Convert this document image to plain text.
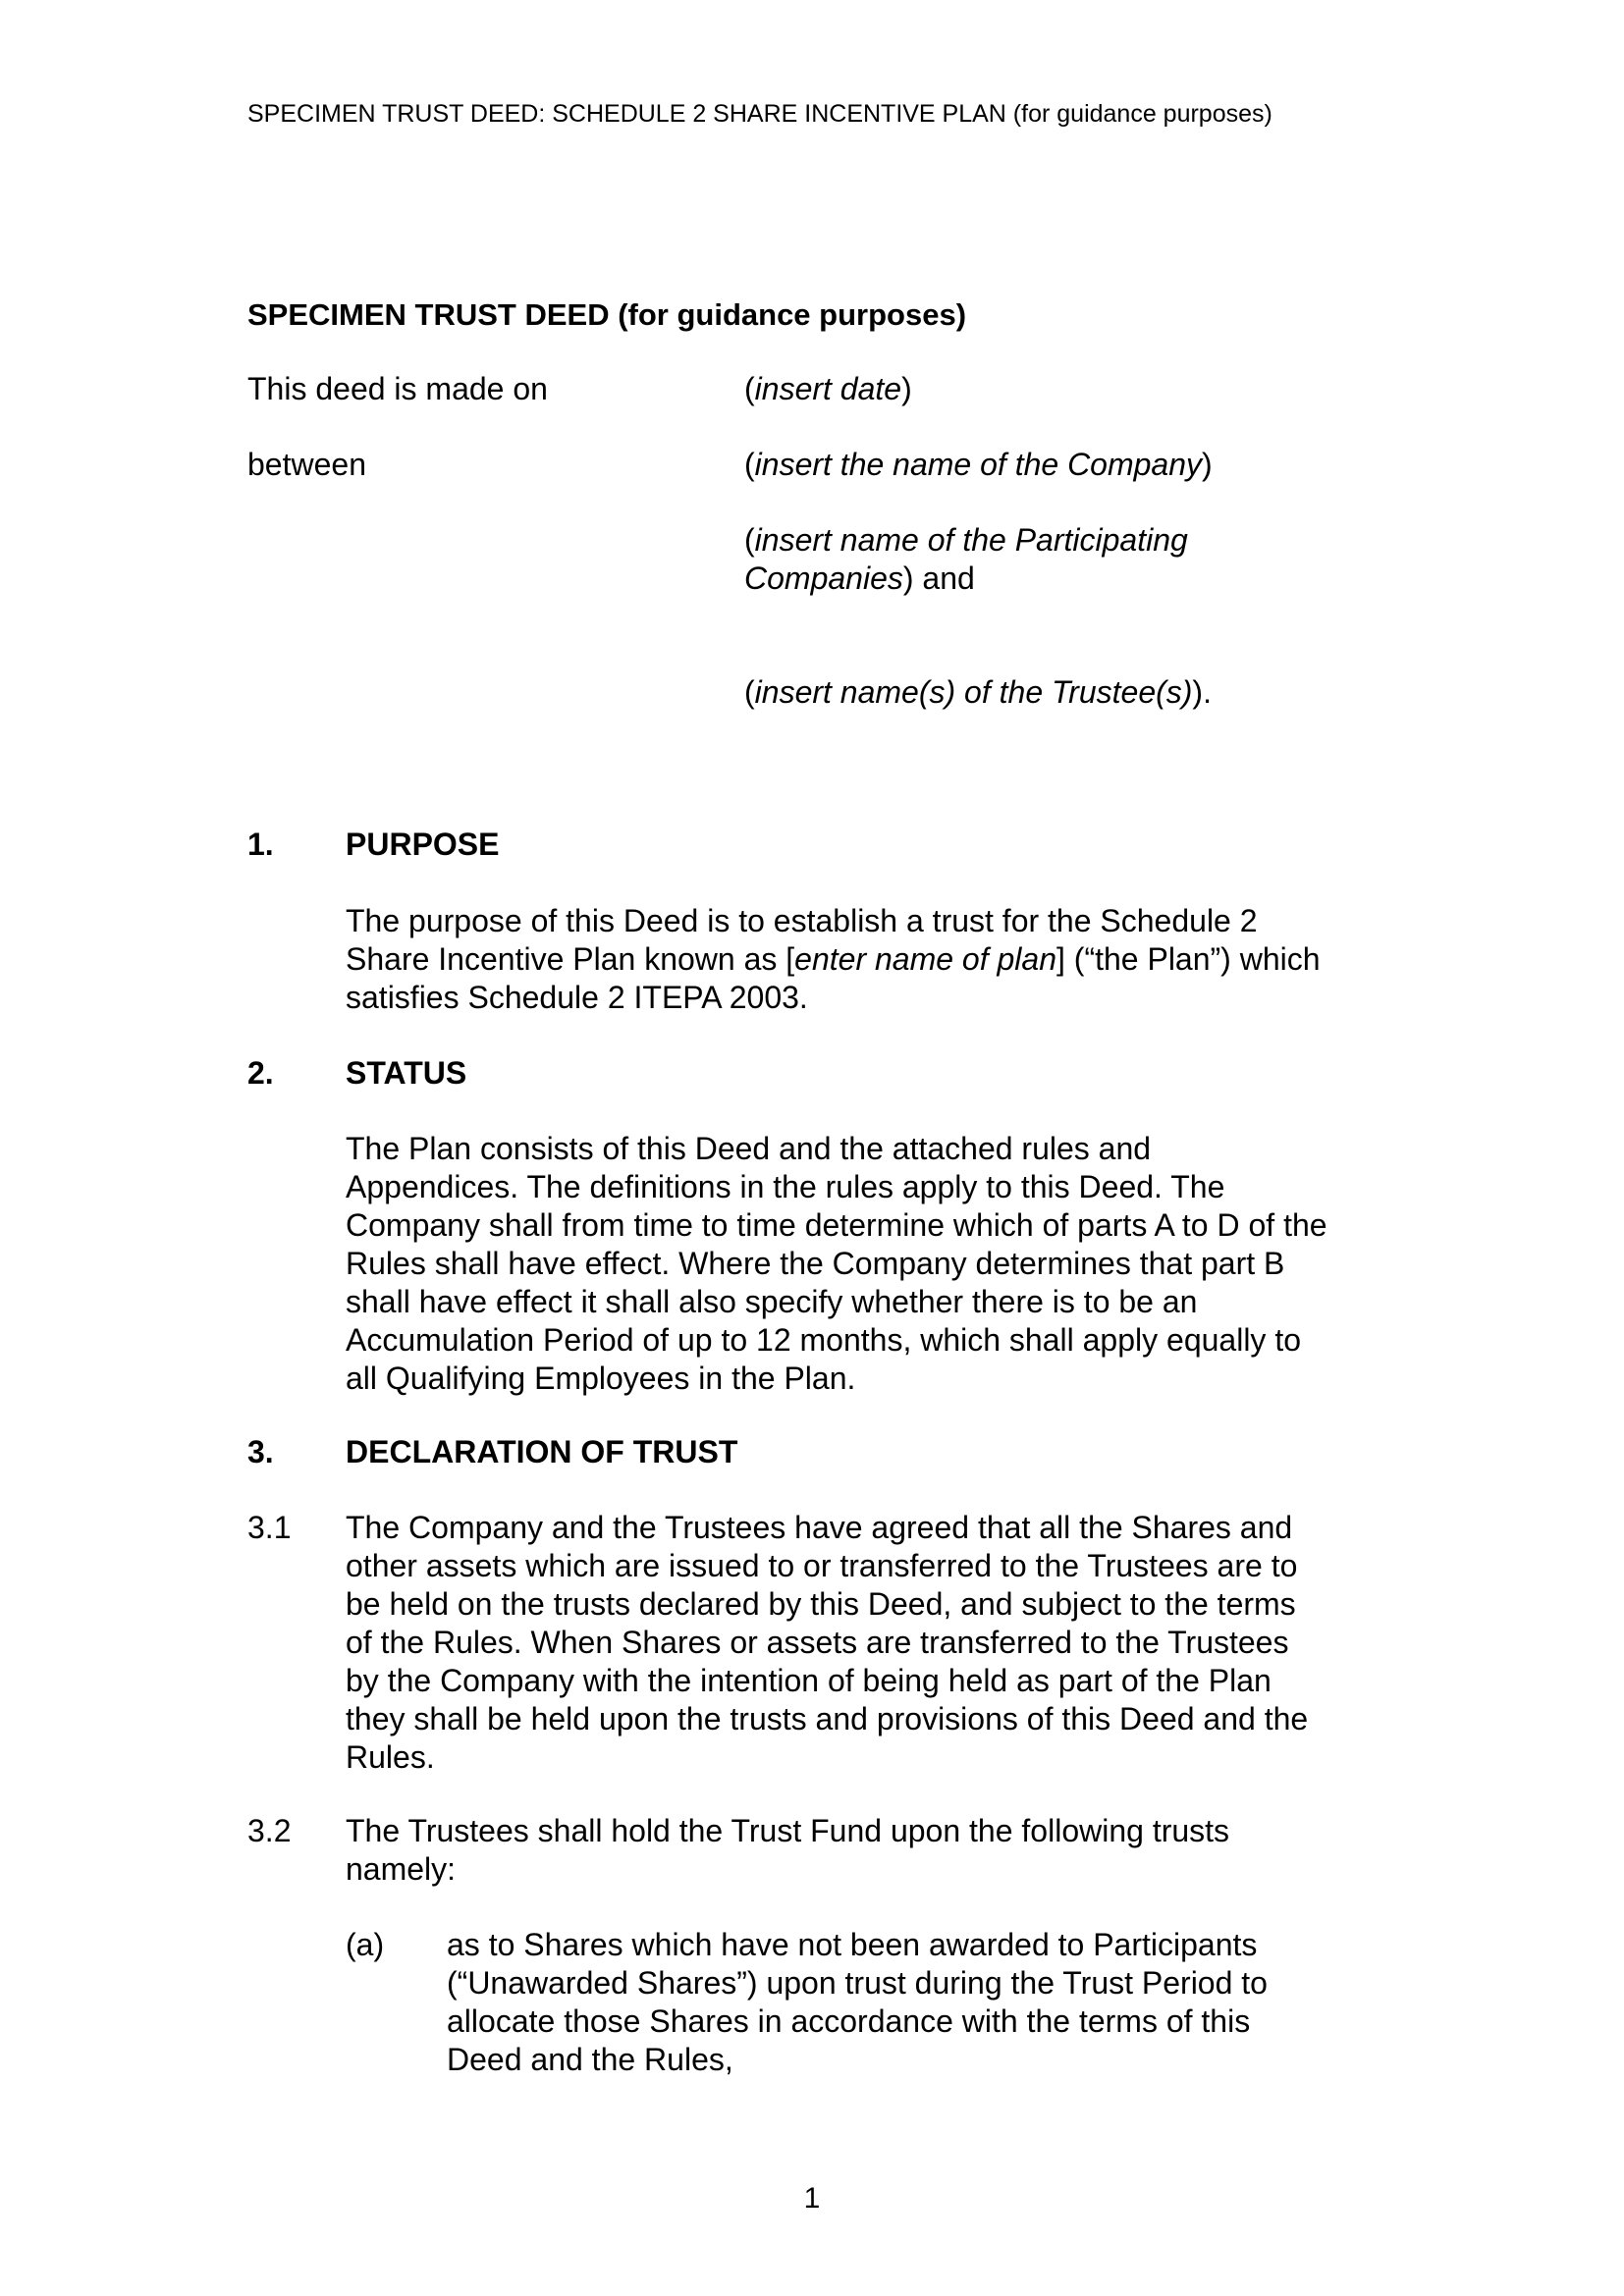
SPECIMEN TRUST DEED: SCHEDULE 2 SHARE INCENTIVE PLAN (for guidance purposes)
SPECIMEN TRUST DEED (for guidance purposes)
This deed is made on	(insert date)
between	(insert the name of the Company)
(insert name of the Participating Companies) and
(insert name(s) of the Trustee(s)).
1. PURPOSE
The purpose of this Deed is to establish a trust for the Schedule 2 Share Incentive Plan known as [enter name of plan] (“the Plan”) which satisfies Schedule 2 ITEPA 2003.
2. STATUS
The Plan consists of this Deed and the attached rules and Appendices. The definitions in the rules apply to this Deed. The Company shall from time to time determine which of parts A to D of the Rules shall have effect. Where the Company determines that part B shall have effect it shall also specify whether there is to be an Accumulation Period of up to 12 months, which shall apply equally to all Qualifying Employees in the Plan.
3. DECLARATION OF TRUST
3.1 The Company and the Trustees have agreed that all the Shares and other assets which are issued to or transferred to the Trustees are to be held on the trusts declared by this Deed, and subject to the terms of the Rules. When Shares or assets are transferred to the Trustees by the Company with the intention of being held as part of the Plan they shall be held upon the trusts and provisions of this Deed and the Rules.
3.2 The Trustees shall hold the Trust Fund upon the following trusts namely:
(a) as to Shares which have not been awarded to Participants (“Unawarded Shares”) upon trust during the Trust Period to allocate those Shares in accordance with the terms of this Deed and the Rules,
1
